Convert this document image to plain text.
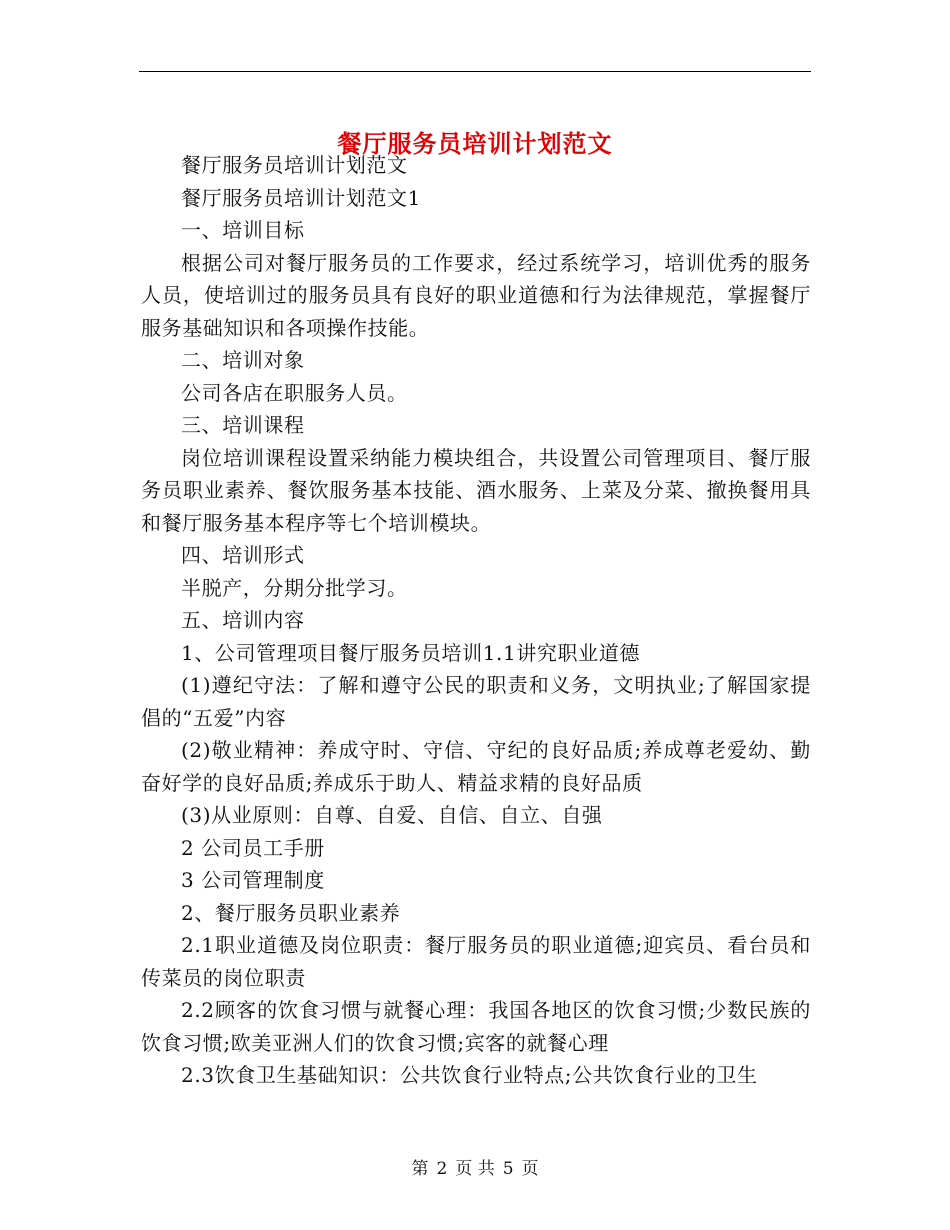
餐厅服务员培训计划范文

餐厅服务员培训计划范文

餐厅服务员培训计划范文1

一、培训目标

根据公司对餐厅服务员的工作要求，经过系统学习，培训优秀的服务人员，使培训过的服务员具有良好的职业道德和行为法律规范，掌握餐厅服务基础知识和各项操作技能。

二、培训对象

公司各店在职服务人员。

三、培训课程

岗位培训课程设置采纳能力模块组合，共设置公司管理项目、餐厅服务员职业素养、餐饮服务基本技能、酒水服务、上菜及分菜、撤换餐用具和餐厅服务基本程序等七个培训模块。

四、培训形式

半脱产，分期分批学习。

五、培训内容

1、公司管理项目餐厅服务员培训1.1讲究职业道德

(1)遵纪守法：了解和遵守公民的职责和义务，文明执业;了解国家提倡的“五爱”内容

(2)敬业精神：养成守时、守信、守纪的良好品质;养成尊老爱幼、勤奋好学的良好品质;养成乐于助人、精益求精的良好品质

(3)从业原则：自尊、自爱、自信、自立、自强

2 公司员工手册

3 公司管理制度

2、餐厅服务员职业素养

2.1职业道德及岗位职责：餐厅服务员的职业道德;迎宾员、看台员和传菜员的岗位职责

2.2顾客的饮食习惯与就餐心理：我国各地区的饮食习惯;少数民族的饮食习惯;欧美亚洲人们的饮食习惯;宾客的就餐心理

2.3饮食卫生基础知识：公共饮食行业特点;公共饮食行业的卫生

第 2 页 共 5 页
